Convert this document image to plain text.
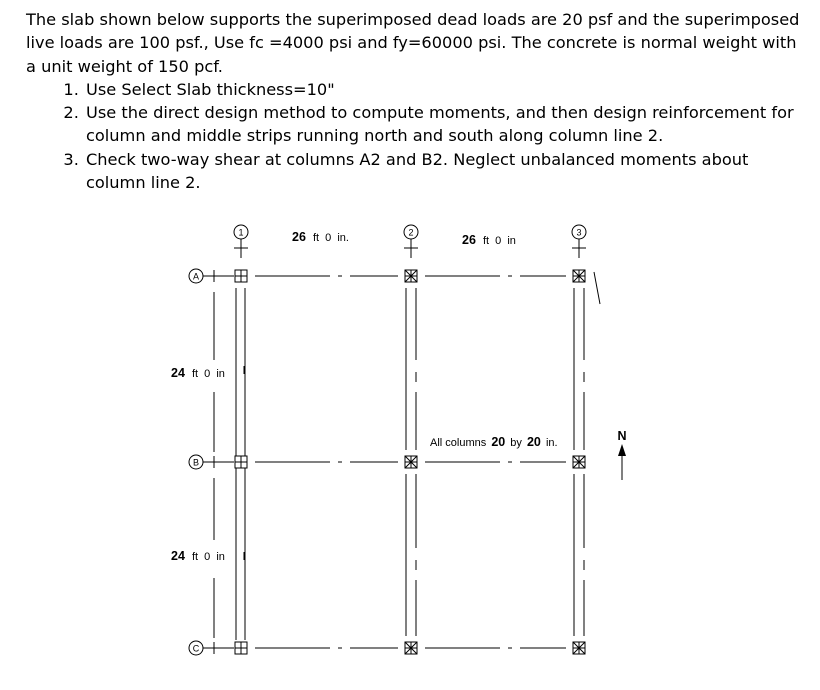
The slab shown below supports the superimposed dead loads are 20 psf and the superimposed live loads are 100 psf., Use fc =4000 psi and fy=60000 psi. The concrete is normal weight with a unit weight of 150 pcf.

1. Use Select Slab thickness=10"
2. Use the direct design method to compute moments, and then design reinforcement for column and middle strips running north and south along column line 2.
3. Check two-way shear at columns A2 and B2. Neglect unbalanced moments about column line 2.
1	2	3
A
B
C
26 ft 0 in.	26 ft 0 in
24 ft 0 in
24 ft 0 in
All columns 20 by 20 in.	N
